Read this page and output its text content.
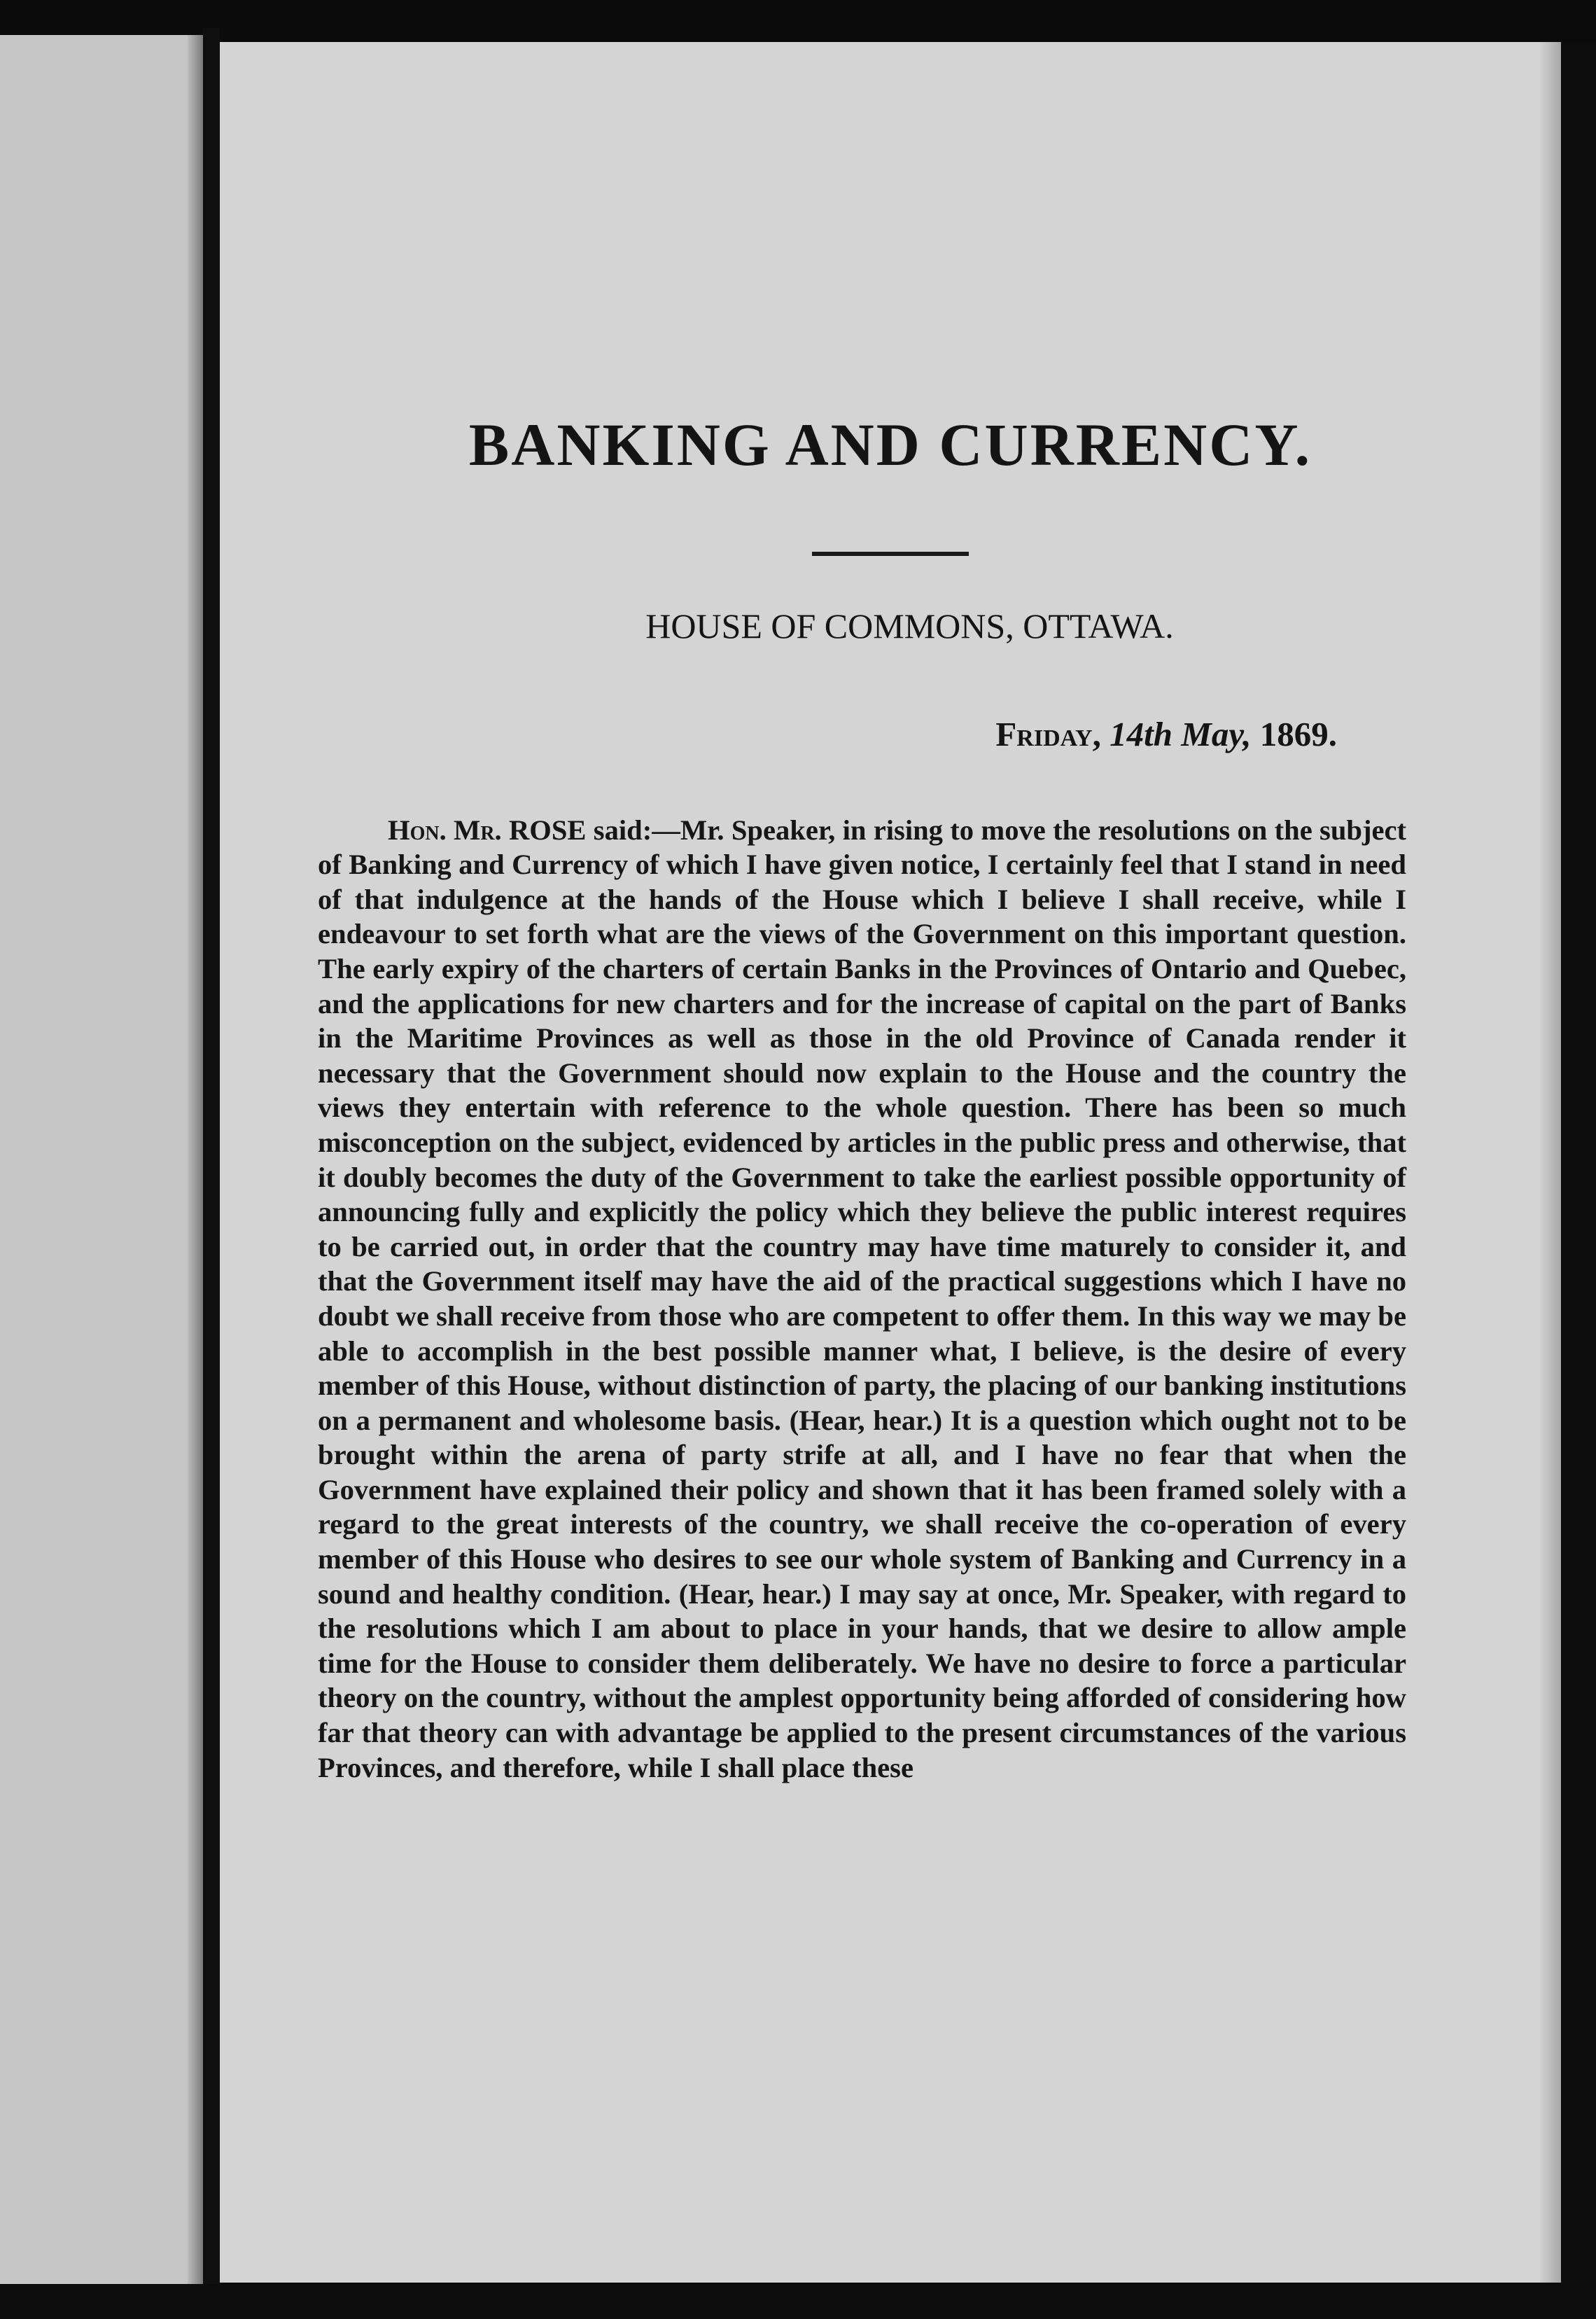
BANKING AND CURRENCY.
HOUSE OF COMMONS, OTTAWA.
Friday, 14th May, 1869.

Hon. Mr. ROSE said:—Mr. Speaker, in rising to move the resolutions on the subject of Banking and Currency of which I have given notice, I certainly feel that I stand in need of that indulgence at the hands of the House which I believe I shall receive, while I endeavour to set forth what are the views of the Government on this important question. The early expiry of the charters of certain Banks in the Provinces of Ontario and Quebec, and the applications for new charters and for the increase of capital on the part of Banks in the Maritime Provinces as well as those in the old Province of Canada render it necessary that the Government should now explain to the House and the country the views they entertain with reference to the whole question. There has been so much misconception on the subject, evidenced by articles in the public press and otherwise, that it doubly becomes the duty of the Government to take the earliest possible opportunity of announcing fully and explicitly the policy which they believe the public interest requires to be carried out, in order that the country may have time maturely to consider it, and that the Government itself may have the aid of the practical suggestions which I have no doubt we shall receive from those who are competent to offer them. In this way we may be able to accomplish in the best possible manner what, I believe, is the desire of every member of this House, without distinction of party, the placing of our banking institutions on a permanent and wholesome basis. (Hear, hear.) It is a question which ought not to be brought within the arena of party strife at all, and I have no fear that when the Government have explained their policy and shown that it has been framed solely with a regard to the great interests of the country, we shall receive the co-operation of every member of this House who desires to see our whole system of Banking and Currency in a sound and healthy condition. (Hear, hear.) I may say at once, Mr. Speaker, with regard to the resolutions which I am about to place in your hands, that we desire to allow ample time for the House to consider them deliberately. We have no desire to force a particular theory on the country, without the amplest opportunity being afforded of considering how far that theory can with advantage be applied to the present circumstances of the various Provinces, and therefore, while I shall place these
